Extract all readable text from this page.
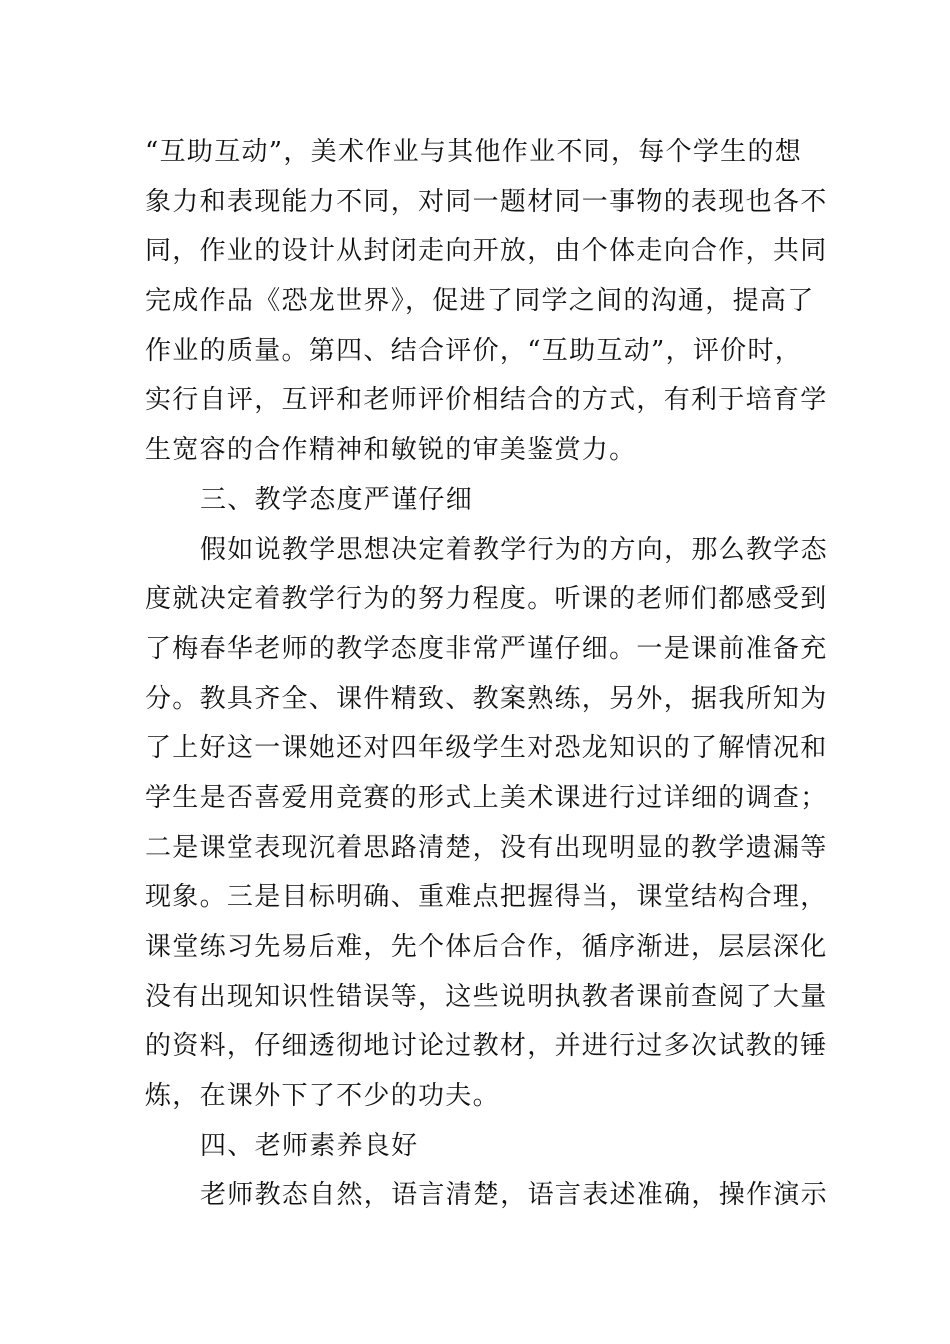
“互助互动”，美术作业与其他作业不同，每个学生的想
象力和表现能力不同，对同一题材同一事物的表现也各不
同，作业的设计从封闭走向开放，由个体走向合作，共同
完成作品《恐龙世界》，促进了同学之间的沟通，提高了
作业的质量。第四、结合评价，“互助互动”，评价时，
实行自评，互评和老师评价相结合的方式，有利于培育学
生宽容的合作精神和敏锐的审美鉴赏力。
三、教学态度严谨仔细
假如说教学思想决定着教学行为的方向，那么教学态
度就决定着教学行为的努力程度。听课的老师们都感受到
了梅春华老师的教学态度非常严谨仔细。一是课前准备充
分。教具齐全、课件精致、教案熟练，另外，据我所知为
了上好这一课她还对四年级学生对恐龙知识的了解情况和
学生是否喜爱用竞赛的形式上美术课进行过详细的调查；
二是课堂表现沉着思路清楚，没有出现明显的教学遗漏等
现象。三是目标明确、重难点把握得当，课堂结构合理，
课堂练习先易后难，先个体后合作，循序渐进，层层深化
没有出现知识性错误等，这些说明执教者课前查阅了大量
的资料，仔细透彻地讨论过教材，并进行过多次试教的锤
炼，在课外下了不少的功夫。
四、老师素养良好
老师教态自然，语言清楚，语言表述准确，操作演示
